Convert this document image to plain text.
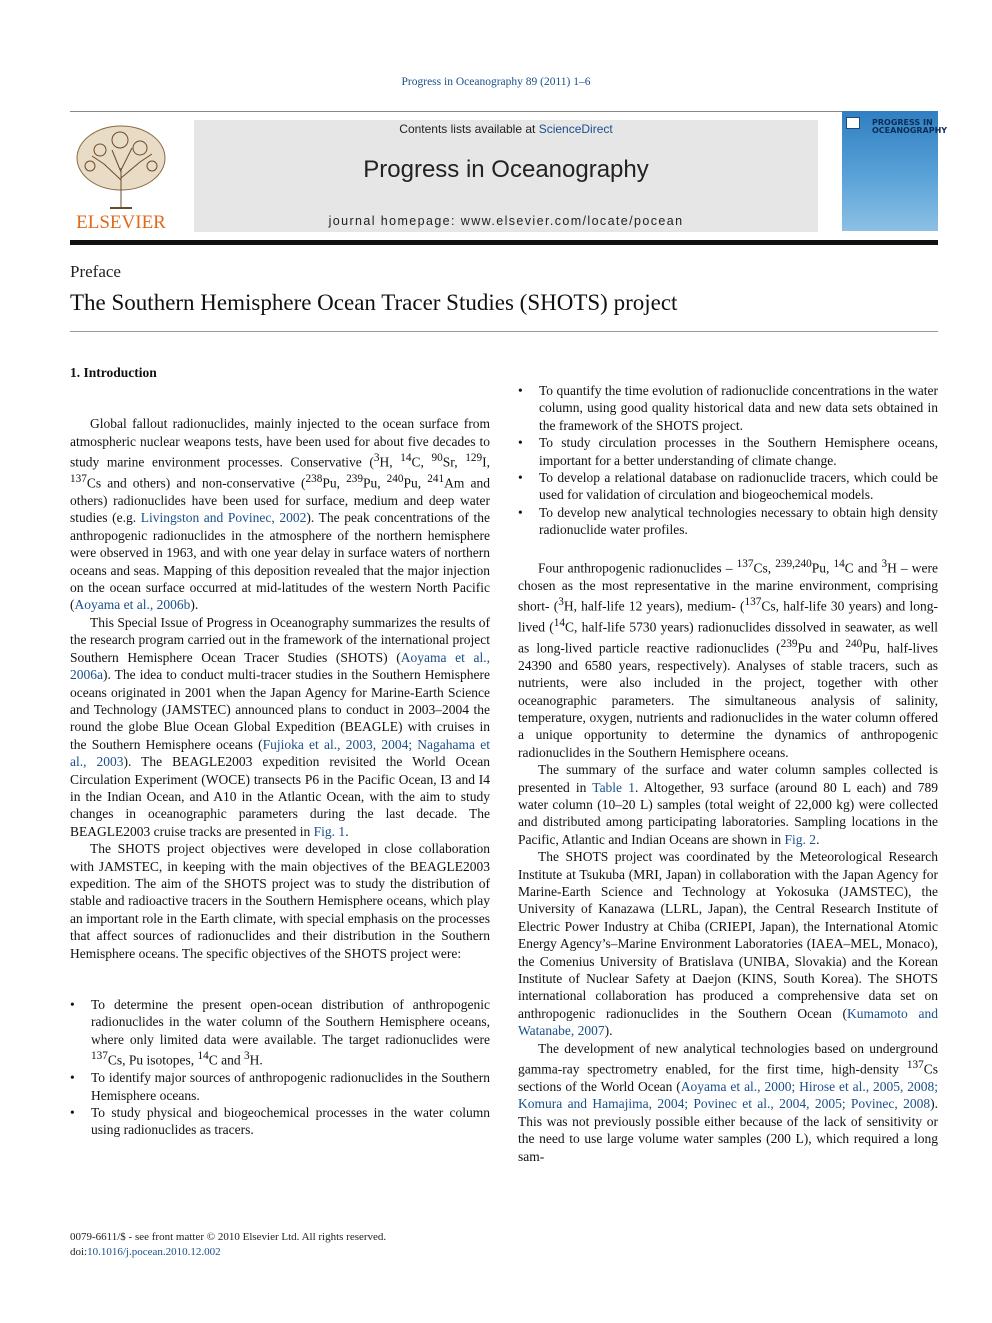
Progress in Oceanography 89 (2011) 1–6
ELSEVIER
Contents lists available at ScienceDirect
Progress in Oceanography
journal homepage: www.elsevier.com/locate/pocean
PROGRESS IN OCEANOGRAPHY
Preface
The Southern Hemisphere Ocean Tracer Studies (SHOTS) project
1. Introduction

Global fallout radionuclides, mainly injected to the ocean surface from atmospheric nuclear weapons tests, have been used for about five decades to study marine environment processes. Conservative ($^3$H, $^{14}$C, $^{90}$Sr, $^{129}$I, $^{137}$Cs and others) and non-conservative ($^{238}$Pu, $^{239}$Pu, $^{240}$Pu, $^{241}$Am and others) radionuclides have been used for surface, medium and deep water studies (e.g. Livingston and Povinec, 2002). The peak concentrations of the anthropogenic radionuclides in the atmosphere of the northern hemisphere were observed in 1963, and with one year delay in surface waters of northern oceans and seas. Mapping of this deposition revealed that the major injection on the ocean surface occurred at mid-latitudes of the western North Pacific (Aoyama et al., 2006b).

This Special Issue of Progress in Oceanography summarizes the results of the research program carried out in the framework of the international project Southern Hemisphere Ocean Tracer Studies (SHOTS) (Aoyama et al., 2006a). The idea to conduct multi-tracer studies in the Southern Hemisphere oceans originated in 2001 when the Japan Agency for Marine-Earth Science and Technology (JAMSTEC) announced plans to conduct in 2003–2004 the round the globe Blue Ocean Global Expedition (BEAGLE) with cruises in the Southern Hemisphere oceans (Fujioka et al., 2003, 2004; Nagahama et al., 2003). The BEAGLE2003 expedition revisited the World Ocean Circulation Experiment (WOCE) transects P6 in the Pacific Ocean, I3 and I4 in the Indian Ocean, and A10 in the Atlantic Ocean, with the aim to study changes in oceanographic parameters during the last decade. The BEAGLE2003 cruise tracks are presented in Fig. 1.

The SHOTS project objectives were developed in close collaboration with JAMSTEC, in keeping with the main objectives of the BEAGLE2003 expedition. The aim of the SHOTS project was to study the distribution of stable and radioactive tracers in the Southern Hemisphere oceans, which play an important role in the Earth climate, with special emphasis on the processes that affect sources of radionuclides and their distribution in the Southern Hemisphere oceans. The specific objectives of the SHOTS project were:

• To determine the present open-ocean distribution of anthropogenic radionuclides in the water column of the Southern Hemisphere oceans, where only limited data were available. The target radionuclides were $^{137}$Cs, Pu isotopes, $^{14}$C and $^3$H.
• To identify major sources of anthropogenic radionuclides in the Southern Hemisphere oceans.
• To study physical and biogeochemical processes in the water column using radionuclides as tracers.
• To quantify the time evolution of radionuclide concentrations in the water column, using good quality historical data and new data sets obtained in the framework of the SHOTS project.
• To study circulation processes in the Southern Hemisphere oceans, important for a better understanding of climate change.
• To develop a relational database on radionuclide tracers, which could be used for validation of circulation and biogeochemical models.
• To develop new analytical technologies necessary to obtain high density radionuclide water profiles.

Four anthropogenic radionuclides – $^{137}$Cs, $^{239,240}$Pu, $^{14}$C and $^3$H – were chosen as the most representative in the marine environment, comprising short- ($^3$H, half-life 12 years), medium- ($^{137}$Cs, half-life 30 years) and long-lived ($^{14}$C, half-life 5730 years) radionuclides dissolved in seawater, as well as long-lived particle reactive radionuclides ($^{239}$Pu and $^{240}$Pu, half-lives 24390 and 6580 years, respectively). Analyses of stable tracers, such as nutrients, were also included in the project, together with other oceanographic parameters. The simultaneous analysis of salinity, temperature, oxygen, nutrients and radionuclides in the water column offered a unique opportunity to determine the dynamics of anthropogenic radionuclides in the Southern Hemisphere oceans.

The summary of the surface and water column samples collected is presented in Table 1. Altogether, 93 surface (around 80 L each) and 789 water column (10–20 L) samples (total weight of 22,000 kg) were collected and distributed among participating laboratories. Sampling locations in the Pacific, Atlantic and Indian Oceans are shown in Fig. 2.

The SHOTS project was coordinated by the Meteorological Research Institute at Tsukuba (MRI, Japan) in collaboration with the Japan Agency for Marine-Earth Science and Technology at Yokosuka (JAMSTEC), the University of Kanazawa (LLRL, Japan), the Central Research Institute of Electric Power Industry at Chiba (CRIEPI, Japan), the International Atomic Energy Agency’s–Marine Environment Laboratories (IAEA–MEL, Monaco), the Comenius University of Bratislava (UNIBA, Slovakia) and the Korean Institute of Nuclear Safety at Daejon (KINS, South Korea). The SHOTS international collaboration has produced a comprehensive data set on anthropogenic radionuclides in the Southern Ocean (Kumamoto and Watanabe, 2007).

The development of new analytical technologies based on underground gamma-ray spectrometry enabled, for the first time, high-density $^{137}$Cs sections of the World Ocean (Aoyama et al., 2000; Hirose et al., 2005, 2008; Komura and Hamajima, 2004; Povinec et al., 2004, 2005; Povinec, 2008). This was not previously possible either because of the lack of sensitivity or the need to use large volume water samples (200 L), which required a long sam-

0079-6611/$ - see front matter © 2010 Elsevier Ltd. All rights reserved.
doi:10.1016/j.pocean.2010.12.002
